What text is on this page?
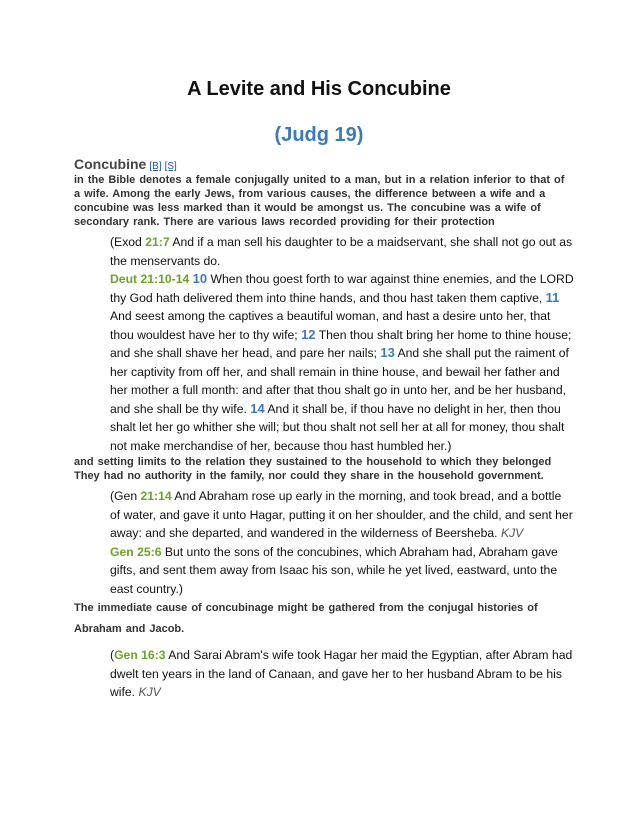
A Levite and His Concubine
(Judg 19)
Concubine [B] [S]
in the Bible denotes a female conjugally united to a man, but in a relation inferior to that of a wife. Among the early Jews, from various causes, the difference between a wife and a concubine was less marked than it would be amongst us. The concubine was a wife of secondary rank. There are various laws recorded providing for their protection
(Exod 21:7 And if a man sell his daughter to be a maidservant, she shall not go out as the menservants do.
Deut 21:10-14 10 When thou goest forth to war against thine enemies, and the LORD thy God hath delivered them into thine hands, and thou hast taken them captive, 11 And seest among the captives a beautiful woman, and hast a desire unto her, that thou wouldest have her to thy wife; 12 Then thou shalt bring her home to thine house; and she shall shave her head, and pare her nails; 13 And she shall put the raiment of her captivity from off her, and shall remain in thine house, and bewail her father and her mother a full month: and after that thou shalt go in unto her, and be her husband, and she shall be thy wife. 14 And it shall be, if thou have no delight in her, then thou shalt let her go whither she will; but thou shalt not sell her at all for money, thou shalt not make merchandise of her, because thou hast humbled her.)
and setting limits to the relation they sustained to the household to which they belonged They had no authority in the family, nor could they share in the household government.
(Gen 21:14 And Abraham rose up early in the morning, and took bread, and a bottle of water, and gave it unto Hagar, putting it on her shoulder, and the child, and sent her away: and she departed, and wandered in the wilderness of Beersheba. KJV
Gen 25:6 But unto the sons of the concubines, which Abraham had, Abraham gave gifts, and sent them away from Isaac his son, while he yet lived, eastward, unto the east country.)
The immediate cause of concubinage might be gathered from the conjugal histories of Abraham and Jacob.
(Gen 16:3 And Sarai Abram's wife took Hagar her maid the Egyptian, after Abram had dwelt ten years in the land of Canaan, and gave her to her husband Abram to be his wife. KJV
